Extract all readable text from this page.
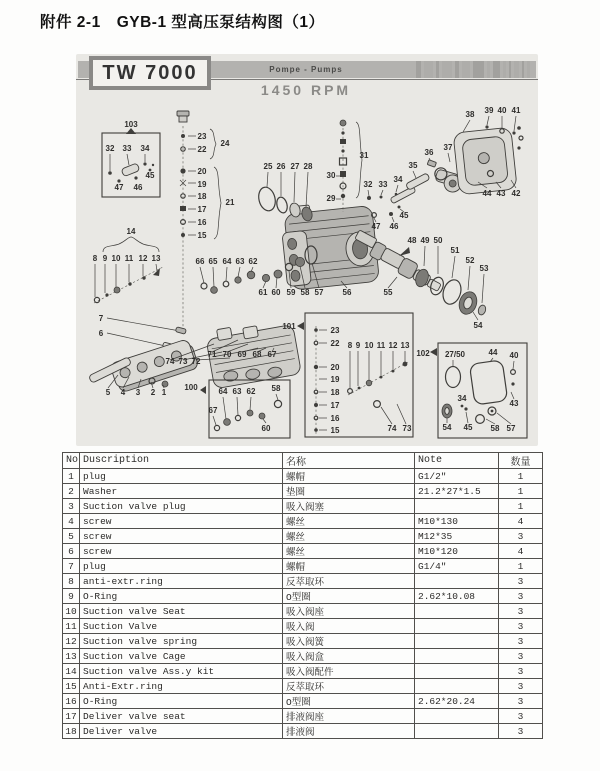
附件 2-1　GYB-1 型高压泵结构图（1）
TW 7000	Pompe - Pumps
1450 RPM
103
32 33 34
45
47 46
23
24
22
20
19
18
21
17
16
15
14
8 9 10 11 12 13
7
6
5 4 3 2 1
66 65 64 63 62
25 26 27 28
31
30
29
32 33
34
35
47 46
45
36
37
38 39 40 41
44 43 42
48 49 50
51
52
53
54
61 60 59 58 57 56	55
74 73 72
71 70 69 68 67
100	64 63 62 58
67
60
101	23
22
20
19
18
17
16
15
8 9 10 11 12 13
74 73
102 27/50	44 40
34
43
54 45 58 57
No	Duscription	名称	Note	数量
1	plug	螺帽	G1/2″	1
2	Washer	垫圈	21.2*27*1.5	1
3	Suction valve plug	吸入阀塞		1
4	screw	螺丝	M10*130	4
5	screw	螺丝	M12*35	3
6	screw	螺丝	M10*120	4
7	plug	螺帽	G1/4″	1
8	anti-extr.ring	反萃取环		3
9	O-Ring	O型圈	2.62*10.08	3
10	Suction valve Seat	吸入阀座		3
11	Suction Valve	吸入阀		3
12	Suction valve spring	吸入阀簧		3
13	Suction valve Cage	吸入阀盒		3
14	Suction valve Ass.y kit	吸入阀配件		3
15	Anti-Extr.ring	反萃取环		3
16	O-Ring	O型圈	2.62*20.24	3
17	Deliver valve seat	排液阀座		3
18	Deliver valve	排液阀		3
